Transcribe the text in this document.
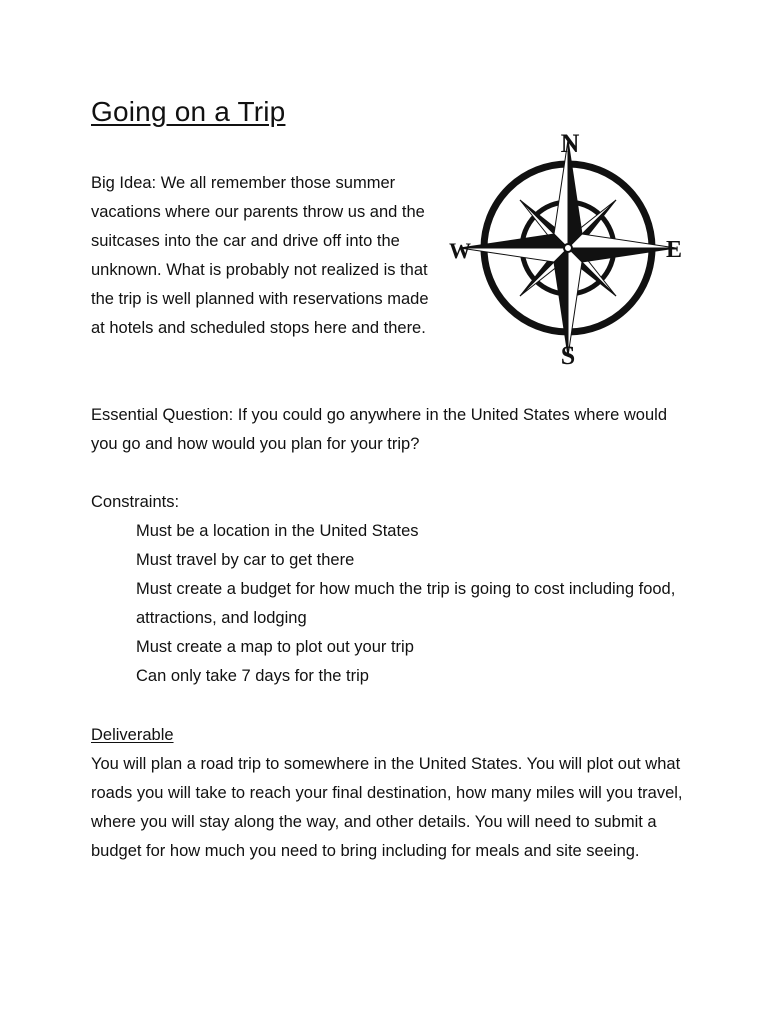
Going on a Trip

Big Idea: We all remember those summer vacations where our parents throw us and the suitcases into the car and drive off into the unknown. What is probably not realized is that the trip is well planned with reservations made at hotels and scheduled stops here and there.

N
E
S
W

Essential Question: If you could go anywhere in the United States where would you go and how would you plan for your trip?

Constraints:
Must be a location in the United States
Must travel by car to get there
Must create a budget for how much the trip is going to cost including food, attractions, and lodging
Must create a map to plot out your trip
Can only take 7 days for the trip
Deliverable

You will plan a road trip to somewhere in the United States. You will plot out what roads you will take to reach your final destination, how many miles will you travel, where you will stay along the way, and other details. You will need to submit a budget for how much you need to bring including for meals and site seeing.
